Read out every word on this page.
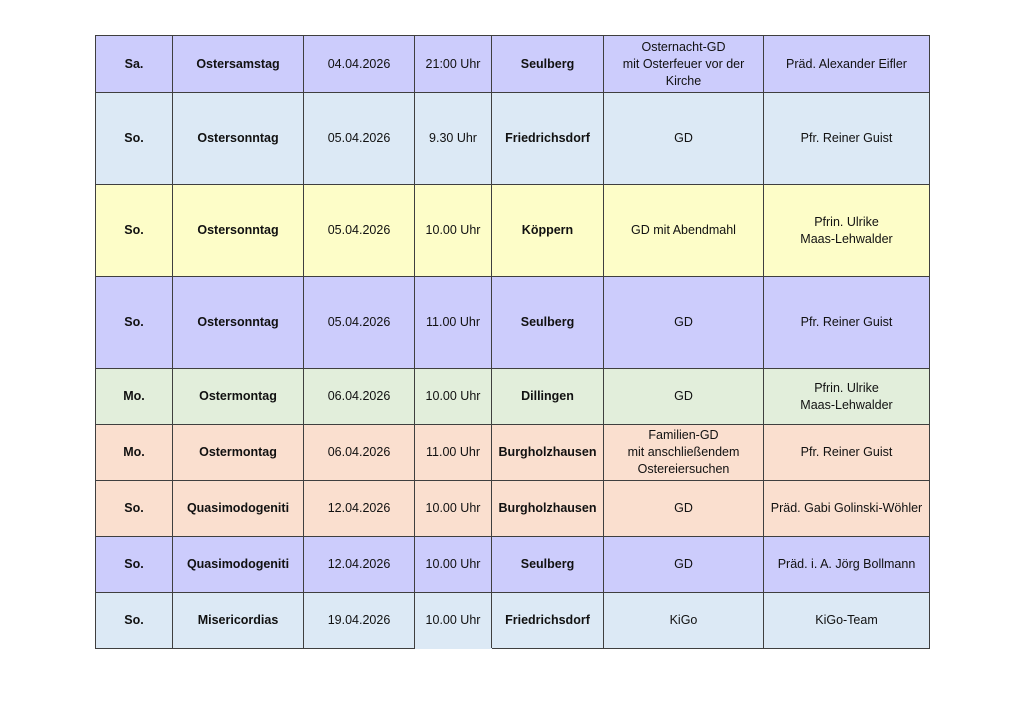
Sa.	Ostersamstag	04.04.2026	21:00 Uhr	Seulberg	Osternacht-GD
mit Osterfeuer vor der
Kirche	Präd. Alexander Eifler
So.	Ostersonntag	05.04.2026	9.30 Uhr	Friedrichsdorf	GD	Pfr. Reiner Guist
So.	Ostersonntag	05.04.2026	10.00 Uhr	Köppern	GD mit Abendmahl	Pfrin. Ulrike
Maas-Lehwalder
So.	Ostersonntag	05.04.2026	11.00 Uhr	Seulberg	GD	Pfr. Reiner Guist
Mo.	Ostermontag	06.04.2026	10.00 Uhr	Dillingen	GD	Pfrin. Ulrike
Maas-Lehwalder
Mo.	Ostermontag	06.04.2026	11.00 Uhr	Burgholzhausen	Familien-GD
mit anschließendem
Ostereiersuchen	Pfr. Reiner Guist
So.	Quasimodogeniti	12.04.2026	10.00 Uhr	Burgholzhausen	GD	Präd. Gabi Golinski-Wöhler
So.	Quasimodogeniti	12.04.2026	10.00 Uhr	Seulberg	GD	Präd. i. A. Jörg Bollmann
So.	Misericordias	19.04.2026	10.00 Uhr	Friedrichsdorf	KiGo	KiGo-Team
